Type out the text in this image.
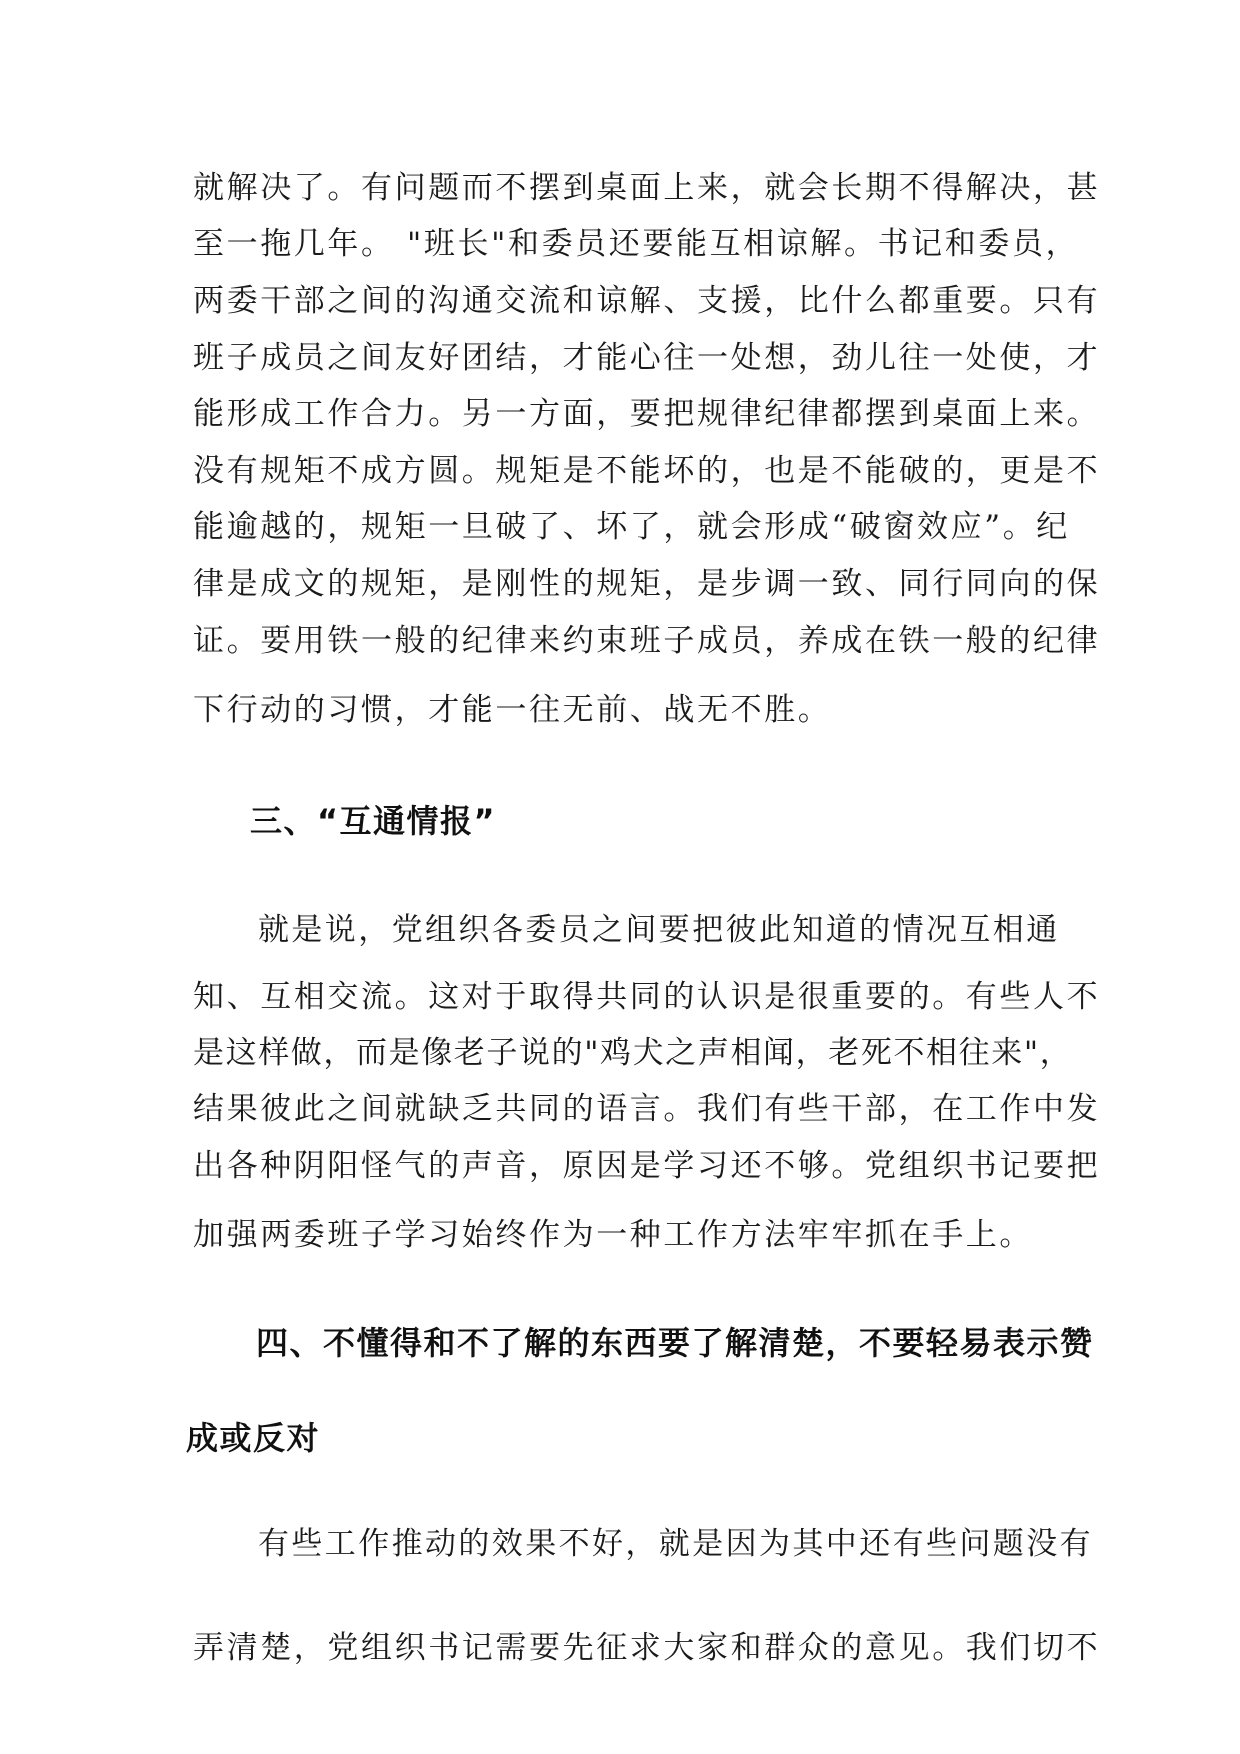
就解决了。有问题而不摆到桌面上来，就会长期不得解决，甚

至一拖几年。 "班长"和委员还要能互相谅解。书记和委员，

两委干部之间的沟通交流和谅解、支援，比什么都重要。只有

班子成员之间友好团结，才能心往一处想，劲儿往一处使，才

能形成工作合力。另一方面，要把规律纪律都摆到桌面上来。

没有规矩不成方圆。规矩是不能坏的，也是不能破的，更是不

能逾越的，规矩一旦破了、坏了，就会形成“破窗效应”。纪

律是成文的规矩，是刚性的规矩，是步调一致、同行同向的保

证。要用铁一般的纪律来约束班子成员，养成在铁一般的纪律

下行动的习惯，才能一往无前、战无不胜。

三、“互通情报”

就是说，党组织各委员之间要把彼此知道的情况互相通

知、互相交流。这对于取得共同的认识是很重要的。有些人不

是这样做，而是像老子说的"鸡犬之声相闻，老死不相往来"，

结果彼此之间就缺乏共同的语言。我们有些干部，在工作中发

出各种阴阳怪气的声音，原因是学习还不够。党组织书记要把

加强两委班子学习始终作为一种工作方法牢牢抓在手上。

四、不懂得和不了解的东西要了解清楚，不要轻易表示赞
成或反对

有些工作推动的效果不好，就是因为其中还有些问题没有

弄清楚，党组织书记需要先征求大家和群众的意见。我们切不
